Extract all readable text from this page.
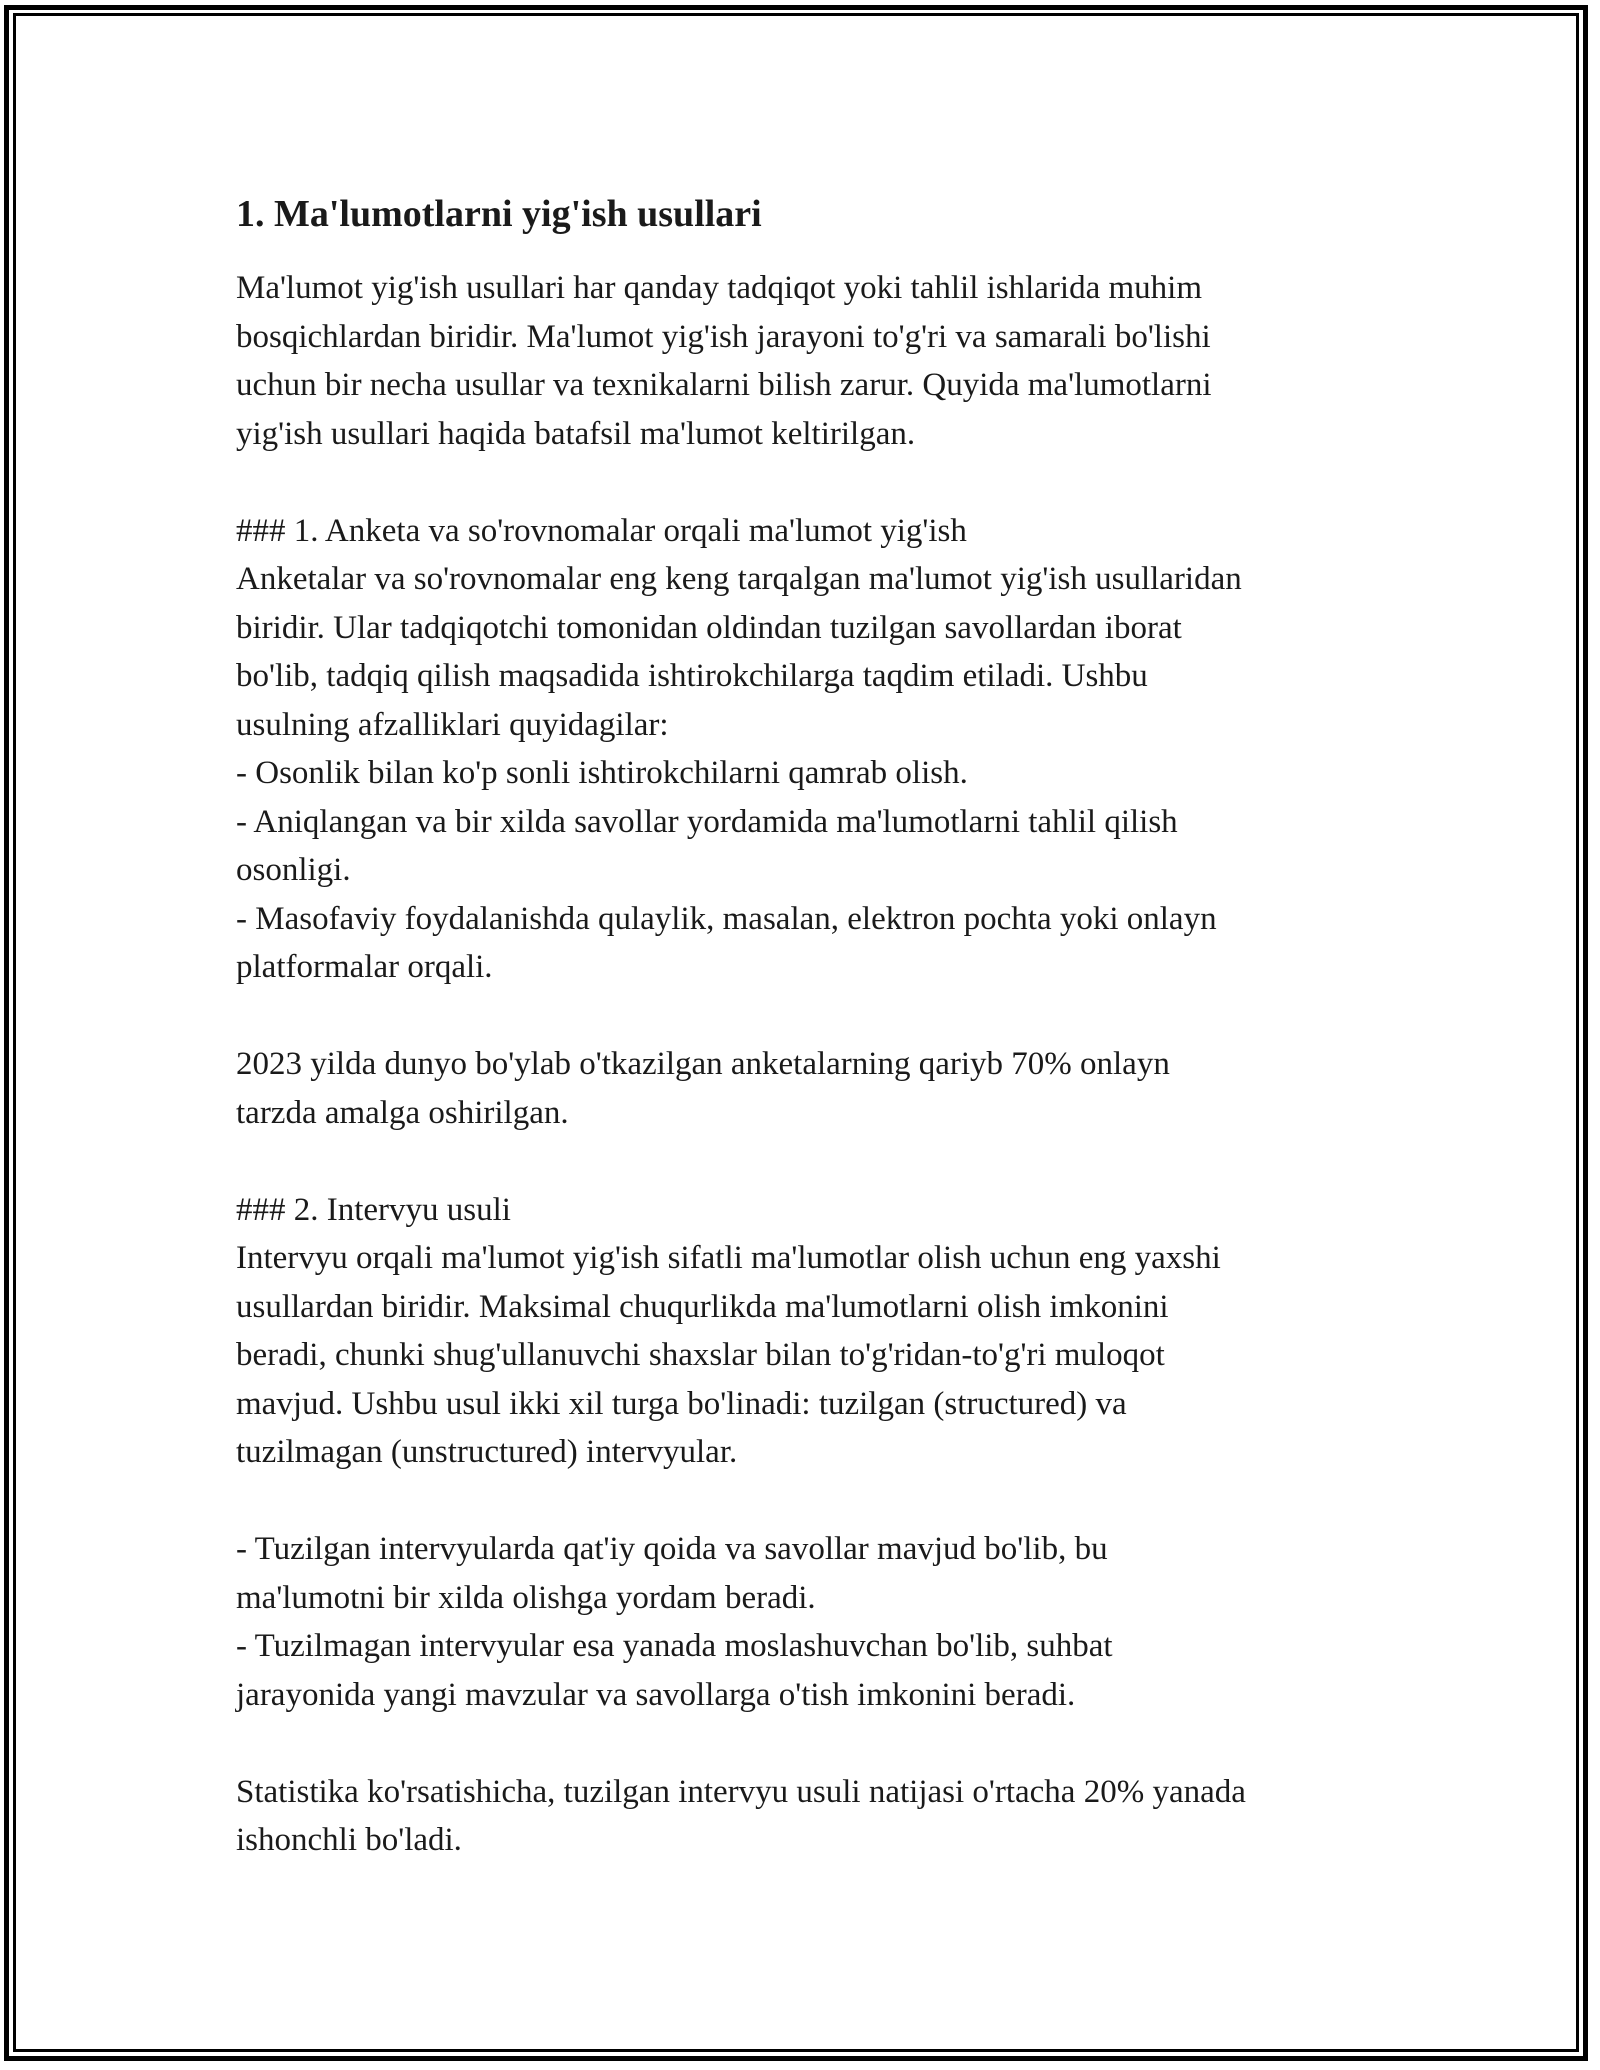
1. Ma'lumotlarni yig'ish usullari
Ma'lumot yig'ish usullari har qanday tadqiqot yoki tahlil ishlarida muhim
bosqichlardan biridir. Ma'lumot yig'ish jarayoni to'g'ri va samarali bo'lishi
uchun bir necha usullar va texnikalarni bilish zarur. Quyida ma'lumotlarni
yig'ish usullari haqida batafsil ma'lumot keltirilgan.
### 1. Anketa va so'rovnomalar orqali ma'lumot yig'ish
Anketalar va so'rovnomalar eng keng tarqalgan ma'lumot yig'ish usullaridan
biridir. Ular tadqiqotchi tomonidan oldindan tuzilgan savollardan iborat
bo'lib, tadqiq qilish maqsadida ishtirokchilarga taqdim etiladi. Ushbu
usulning afzalliklari quyidagilar:
- Osonlik bilan ko'p sonli ishtirokchilarni qamrab olish.
- Aniqlangan va bir xilda savollar yordamida ma'lumotlarni tahlil qilish
osonligi.
- Masofaviy foydalanishda qulaylik, masalan, elektron pochta yoki onlayn
platformalar orqali.
2023 yilda dunyo bo'ylab o'tkazilgan anketalarning qariyb 70% onlayn
tarzda amalga oshirilgan.
### 2. Intervyu usuli
Intervyu orqali ma'lumot yig'ish sifatli ma'lumotlar olish uchun eng yaxshi
usullardan biridir. Maksimal chuqurlikda ma'lumotlarni olish imkonini
beradi, chunki shug'ullanuvchi shaxslar bilan to'g'ridan-to'g'ri muloqot
mavjud. Ushbu usul ikki xil turga bo'linadi: tuzilgan (structured) va
tuzilmagan (unstructured) intervyular.
- Tuzilgan intervyularda qat'iy qoida va savollar mavjud bo'lib, bu
ma'lumotni bir xilda olishga yordam beradi.
- Tuzilmagan intervyular esa yanada moslashuvchan bo'lib, suhbat
jarayonida yangi mavzular va savollarga o'tish imkonini beradi.
Statistika ko'rsatishicha, tuzilgan intervyu usuli natijasi o'rtacha 20% yanada
ishonchli bo'ladi.
